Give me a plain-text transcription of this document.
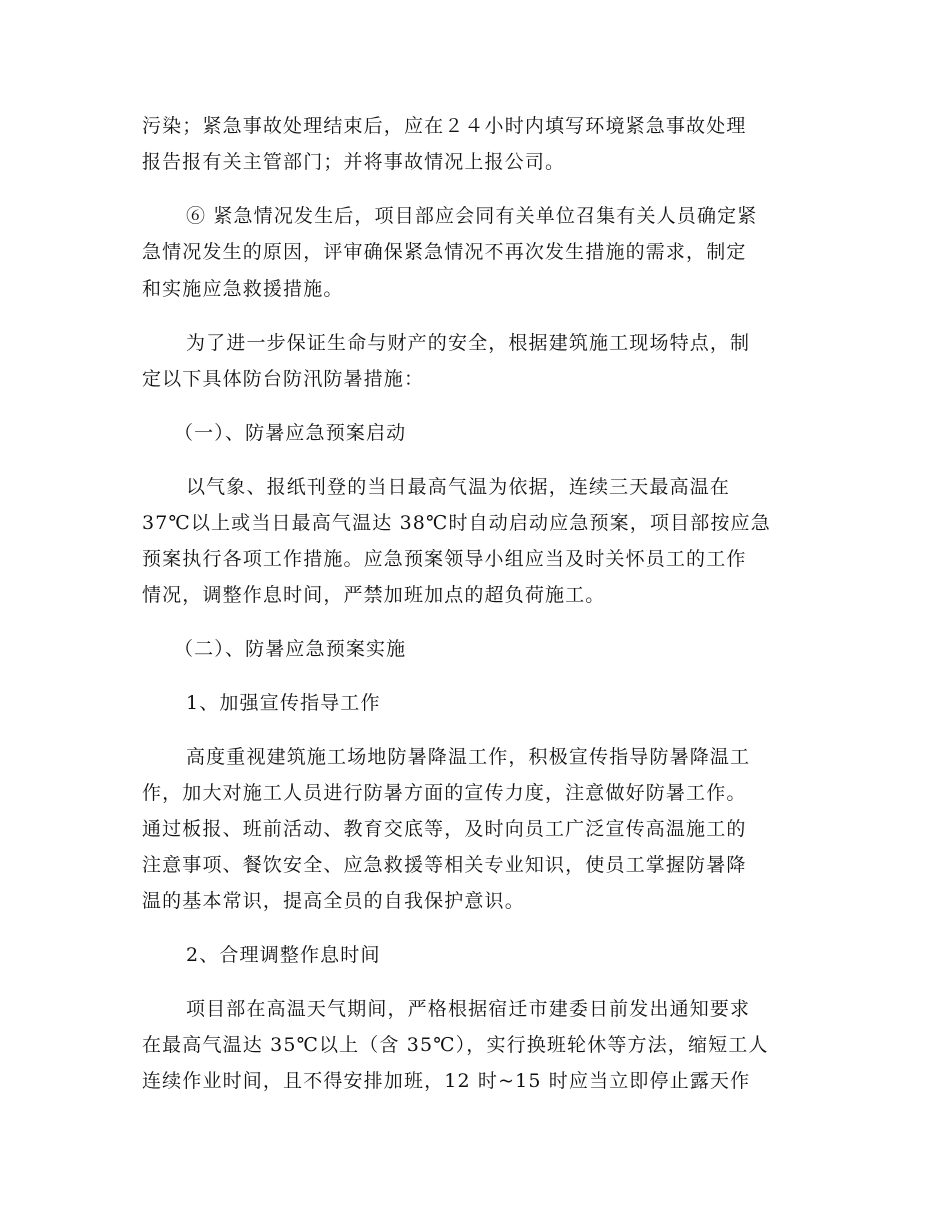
污染；紧急事故处理结束后，应在２４小时内填写环境紧急事故处理
报告报有关主管部门；并将事故情况上报公司。
⑥ 紧急情况发生后，项目部应会同有关单位召集有关人员确定紧
急情况发生的原因，评审确保紧急情况不再次发生措施的需求，制定
和实施应急救援措施。
为了进一步保证生命与财产的安全，根据建筑施工现场特点，制
定以下具体防台防汛防暑措施：
（一）、防暑应急预案启动
以气象、报纸刊登的当日最高气温为依据，连续三天最高温在
37℃以上或当日最高气温达 38℃时自动启动应急预案，项目部按应急
预案执行各项工作措施。应急预案领导小组应当及时关怀员工的工作
情况，调整作息时间，严禁加班加点的超负荷施工。
（二）、防暑应急预案实施
1、加强宣传指导工作
高度重视建筑施工场地防暑降温工作，积极宣传指导防暑降温工
作，加大对施工人员进行防暑方面的宣传力度，注意做好防暑工作。
通过板报、班前活动、教育交底等，及时向员工广泛宣传高温施工的
注意事项、餐饮安全、应急救援等相关专业知识，使员工掌握防暑降
温的基本常识，提高全员的自我保护意识。
2、合理调整作息时间
项目部在高温天气期间，严格根据宿迁市建委日前发出通知要求
在最高气温达 35℃以上（含 35℃），实行换班轮休等方法，缩短工人
连续作业时间，且不得安排加班，12 时~15 时应当立即停止露天作
